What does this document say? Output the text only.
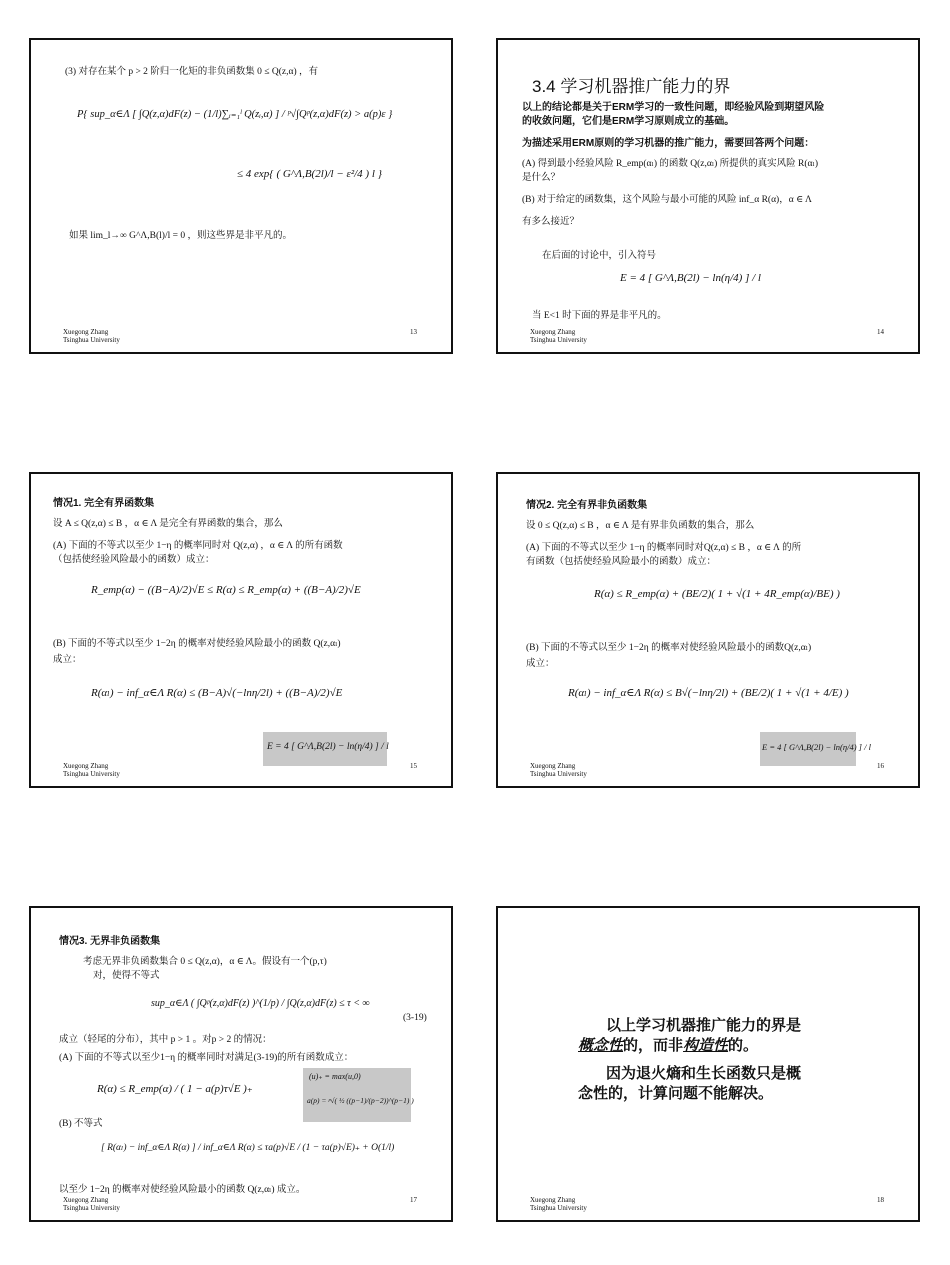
(3) 对存在某个 p > 2 阶归一化矩的非负函数集 0 ≤ Q(z,α) ，有
P{ sup_α∈Λ [ ∫Q(z,α)dF(z) − (1/l)∑ᵢ₌₁ˡ Q(zᵢ,α) ] / ᵖ√∫Qᵖ(z,α)dF(z) > a(p)ε }
≤ 4 exp{ ( G^Λ,B(2l)/l − ε²/4 ) l }
如果 lim_l→∞ G^Λ,B(l)/l = 0 ，则这些界是非平凡的。
13
Xuegong Zhang
Tsinghua University
3.4 学习机器推广能力的界
以上的结论都是关于ERM学习的一致性问题，即经验风险到期望风险
的收敛问题，它们是ERM学习原则成立的基础。
为描述采用ERM原则的学习机器的推广能力，需要回答两个问题：
(A) 得到最小经验风险 R_emp(αₗ) 的函数 Q(z,αₗ) 所提供的真实风险 R(αₗ)
是什么？
(B) 对于给定的函数集，这个风险与最小可能的风险 inf_α R(α)，α ∈ Λ
有多么接近？
在后面的讨论中，引入符号
E = 4 [ G^Λ,B(2l) − ln(η/4) ] / l
当 E<1 时下面的界是非平凡的。
14
Xuegong Zhang
Tsinghua University
情况1. 完全有界函数集
设 A ≤ Q(z,α) ≤ B ，α ∈ Λ 是完全有界函数的集合，那么
(A) 下面的不等式以至少 1−η 的概率同时对 Q(z,α) ，α ∈ Λ 的所有函数
（包括使经验风险最小的函数）成立：
R_emp(α) − ((B−A)/2)√E ≤ R(α) ≤ R_emp(α) + ((B−A)/2)√E
(B) 下面的不等式以至少 1−2η 的概率对使经验风险最小的函数 Q(z,αₗ)
成立：
R(αₗ) − inf_α∈Λ R(α) ≤ (B−A)√(−lnη/2l) + ((B−A)/2)√E
E = 4 [ G^Λ,B(2l) − ln(η/4) ] / l
15
Xuegong Zhang
Tsinghua University
情况2. 完全有界非负函数集
设 0 ≤ Q(z,α) ≤ B ，α ∈ Λ 是有界非负函数的集合，那么
(A) 下面的不等式以至少 1−η 的概率同时对Q(z,α) ≤ B ，α ∈ Λ 的所
有函数（包括使经验风险最小的函数）成立：
R(α) ≤ R_emp(α) + (BE/2)( 1 + √(1 + 4R_emp(α)/BE) )
(B) 下面的不等式以至少 1−2η 的概率对使经验风险最小的函数Q(z,αₗ)
成立：
R(αₗ) − inf_α∈Λ R(α) ≤ B√(−lnη/2l) + (BE/2)( 1 + √(1 + 4/E) )
E = 4 [ G^Λ,B(2l) − ln(η/4) ] / l
16
Xuegong Zhang
Tsinghua University
情况3. 无界非负函数集
考虑无界非负函数集合 0 ≤ Q(z,α)，α ∈ Λ。假设有一个(p,τ)
对，使得不等式
sup_α∈Λ ( ∫Qᵖ(z,α)dF(z) )^(1/p) / ∫Q(z,α)dF(z) ≤ τ < ∞
(3-19)
成立（轻尾的分布），其中 p > 1 。对p > 2 的情况：
(A) 下面的不等式以至少1−η 的概率同时对满足(3-19)的所有函数成立：
R(α) ≤ R_emp(α) / ( 1 − a(p)τ√E )₊
(u)₊ = max(u,0)
a(p) = ᵖ√( ½ ((p−1)/(p−2))^(p−1) )
(B) 不等式
[ R(αₗ) − inf_α∈Λ R(α) ] / inf_α∈Λ R(α) ≤ τa(p)√E / (1 − τa(p)√E)₊ + O(1/l)
以至少 1−2η 的概率对使经验风险最小的函数 Q(z,αₗ) 成立。
17
Xuegong Zhang
Tsinghua University
以上学习机器推广能力的界是
概念性的，而非构造性的。
因为退火熵和生长函数只是概
念性的，计算问题不能解决。
18
Xuegong Zhang
Tsinghua University
